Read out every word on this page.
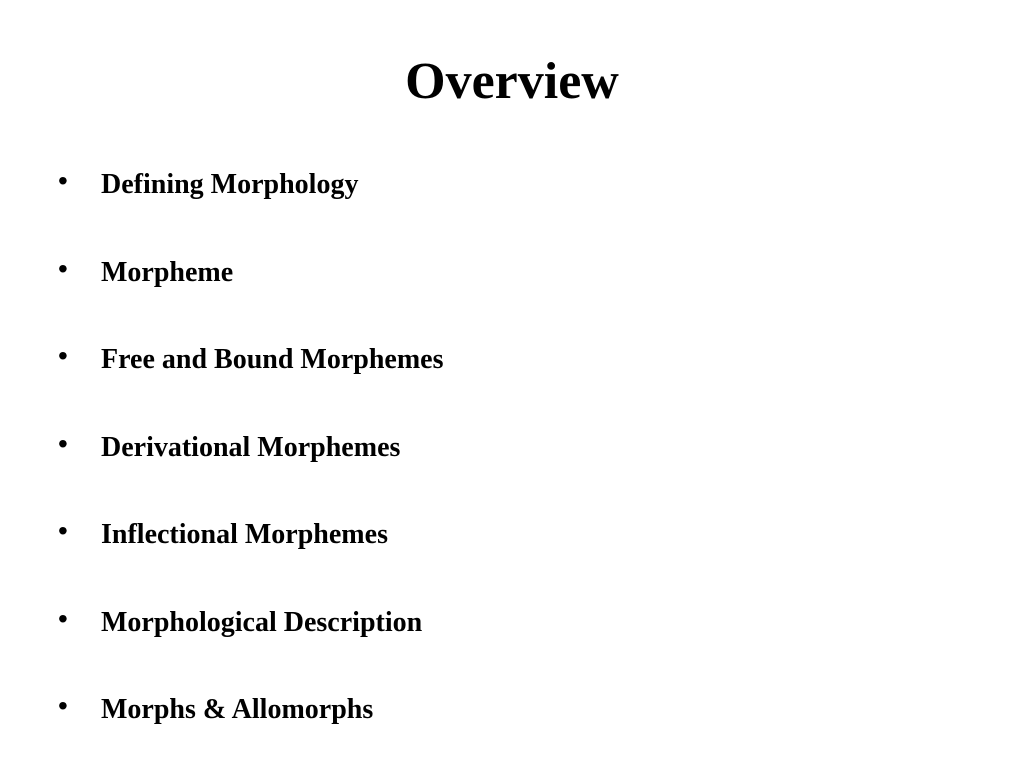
Overview
• Defining Morphology
• Morpheme
• Free and Bound Morphemes
• Derivational Morphemes
• Inflectional Morphemes
• Morphological Description
• Morphs & Allomorphs
